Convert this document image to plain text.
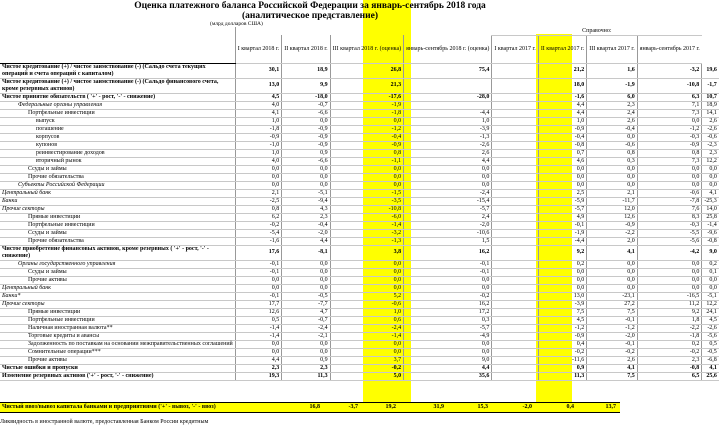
Оценка платежного баланса Российской Федерации за январь-сентябрь 2018 года
(аналитическое представление)
(млрд долларов США)
					Справочно:				
	I квартал 2018 г.	II квартал 2018 г.	III квартал 2018 г. (оценка)	январь-сентябрь 2018 г. (оценка)	I квартал 2017 г.	II квартал 2017 г.	III квартал 2017 г.	январь-сентябрь 2017 г.	
Чистое кредитование (+) / чистое заимствование (-) (Сальдо счета текущих операций и счета операций с капиталом)	30,1	18,9	26,8	75,4		21,2	1,6	-3,2	19,6
Чистое кредитование (+) / чистое заимствование (-) (Сальдо финансового счета, кроме резервных активов)	13,0	9,9	21,3			18,0	-1,9	-10,8	-1,7
Чистое принятие обязательств ( '+' - рост, '-' - снижение)	4,5	-18,0	-17,6	-28,0		-1,6	6,0	6,3	10,7
Федеральные органы управления	4,0	-0,7	-1,9			4,4	2,3	7,1	18,9
Портфельные инвестиции	4,1	-6,6	-1,8	-4,4		4,4	2,4	7,3	14,1
выпуск	1,0	0,0	0,0	1,0		1,0	2,6	0,0	2,6
погашение	-1,8	-0,9	-1,2	-3,9		-0,9	-0,4	-1,2	-2,6
корпусов	-0,9	-0,9	-0,4	-1,3		-0,4	0,0	-0,3	-0,6
купонов	-1,0	-0,9	-0,9	-2,6		-0,8	-0,6	-0,9	-2,3
реинвестирование доходов	1,0	0,9	0,8	2,6		0,7	0,8	0,8	2,3
вторичный рынок	4,0	-6,6	-1,1	4,4		4,6	0,3	7,3	12,2
Ссуды и займы	0,0	0,0	0,0	0,0		0,0	0,0	0,0	0,0
Прочие обязательства	0,0	0,0	0,0	0,0		0,0	0,0	0,0	0,0
Субъекты Российской Федерации	0,0	0,0	0,0	0,0		0,0	0,0	0,0	0,0
Центральный банк	2,1	-5,1	-1,5	-2,4		2,5	2,1	-0,6	4,1
Банки	-2,5	-9,4	-3,5	-15,4		-5,9	-11,7	-7,8	-25,3
Прочие секторы	0,8	4,3	-10,8	-5,7		-5,7	12,0	7,6	14,0
Прямые инвестиции	6,2	2,3	-6,0	2,4		4,9	12,6	8,3	25,8
Портфельные инвестиции	-0,2	-0,4	-1,4	-2,0		-0,1	-0,9	-0,3	-1,4
Ссуды и займы	-5,4	-2,0	-3,2	-10,6		-1,9	-2,2	-5,5	-9,6
Прочие обязательства	-1,6	4,4	-1,3	1,5		-4,4	2,0	-5,6	-0,8
Чистое приобретение финансовых активов, кроме резервных ( '+' - рост, '-' - снижение)	17,6	-8,1	3,8	16,2		9,2	4,1	-4,2	9,0
Органы государственного управления	-0,1	0,0	0,0	-0,1		0,2	0,0	0,0	0,2
Ссуды и займы	-0,1	0,0	0,0	-0,1		0,0	0,0	0,0	0,1
Прочие активы	0,0	0,0	0,0	0,0		0,0	0,0	0,0	0,0
Центральный банк	0,0	0,0	0,0	0,0		0,0	0,0	0,0	0,0
Банки*	-0,1	-0,5	5,2	-0,2		13,0	-23,1	-16,5	-5,1
Прочие секторы	17,7	-7,7	-0,6	16,2		-3,9	27,2	11,2	12,2
Прямые инвестиции	12,6	4,7	1,0	17,2		7,5	7,5	9,2	24,1
Портфельные инвестиции	0,5	-0,7	0,6	0,3		4,5	-0,1	1,8	4,5
Наличная иностранная валюта**	-1,4	-2,4	-2,4	-5,7		-1,2	-1,2	-2,2	-2,6
Торговые кредиты и авансы	-1,4	-2,1	-1,4	-4,9		-0,9	-2,0	-1,8	-5,6
Задолженность по поставкам на основании межправительственных соглашений	0,0	0,0	0,0	0,0		0,4	-0,1	0,2	0,5
Сомнительные операции***	0,0	0,0	0,0	0,0		-0,2	-0,2	-0,2	-0,5
Прочие активы	4,4	0,9	3,7	9,0		-11,6	2,6	2,3	-6,8
Чистые ошибки и пропуски	2,3	2,3	-0,2	4,4		0,9	4,1	-0,8	4,1
Изменение резервных активов ('+' - рост, '-' - снижение)	19,3	11,3	5,0	35,6		11,3	7,5	6,5	25,6
Чистый ввоз/вывоз капитала банками и предприятиями ('+' - вывоз, '-' - ввоз)	16,8	-3,7	19,2	31,9	15,3	-2,0	0,4	13,7
Ликвидность в иностранной валюте, предоставленная Банком России кредитным
